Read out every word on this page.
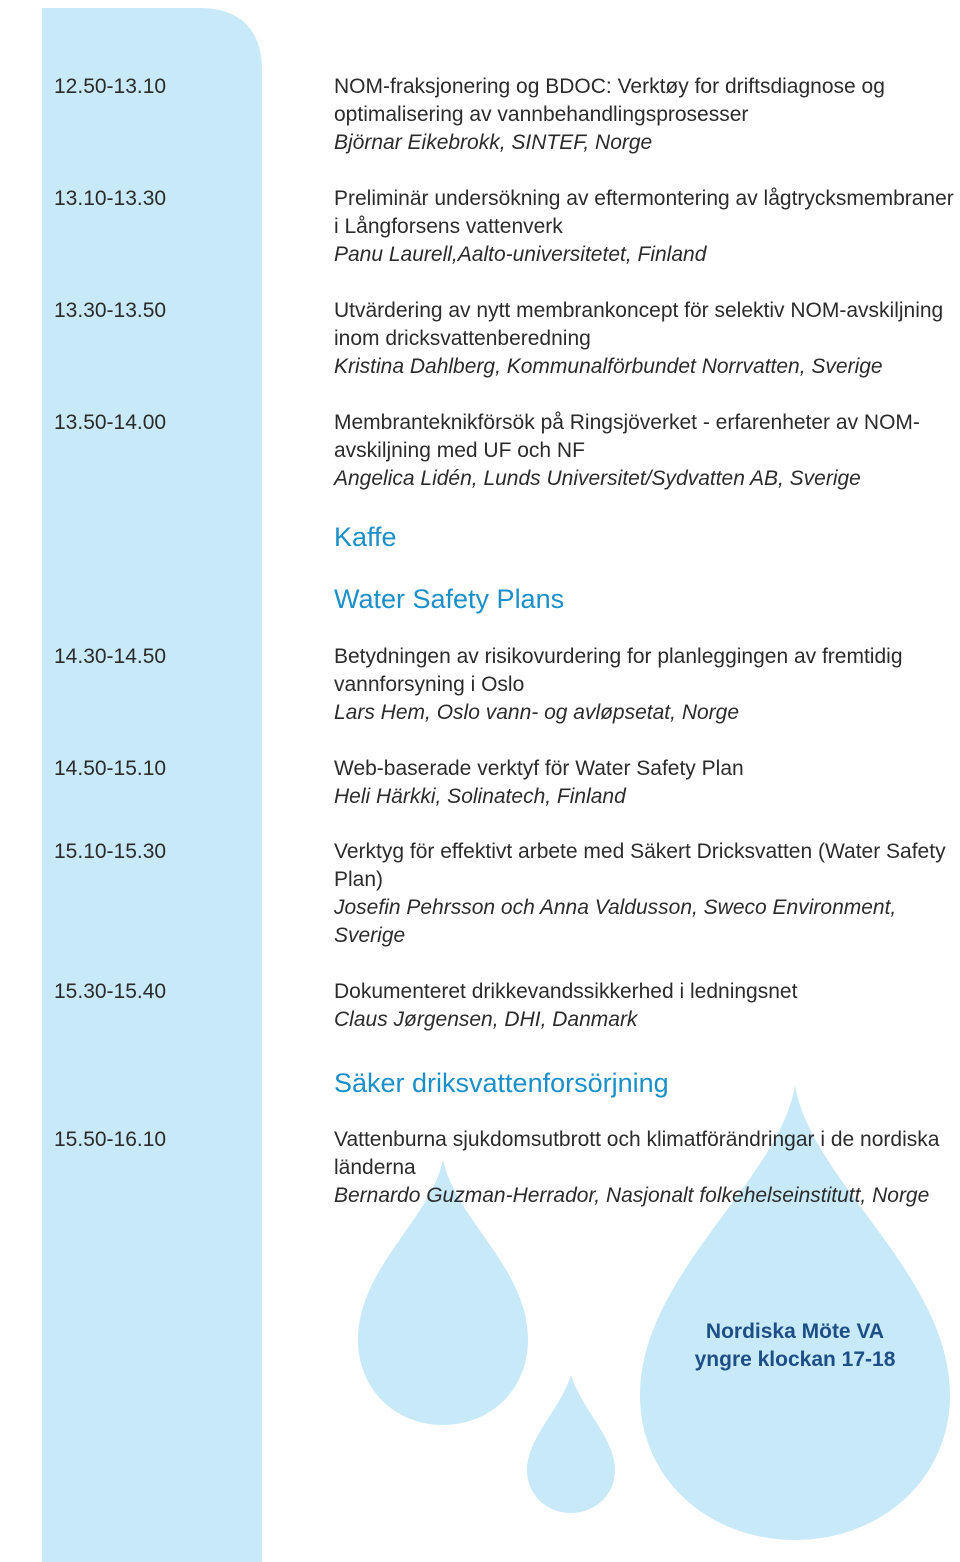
12.50-13.10
13.10-13.30
13.30-13.50
13.50-14.00
14.30-14.50
14.50-15.10
15.10-15.30
15.30-15.40
15.50-16.10
NOM-fraksjonering og BDOC: Verktøy for driftsdiagnose og optimalisering av vannbehandlingsprosesser
Björnar Eikebrokk, SINTEF, Norge
Preliminär undersökning av eftermontering av lågtrycksmembraner i Långforsens vattenverk
Panu Laurell,Aalto-universitetet, Finland
Utvärdering av nytt membrankoncept för selektiv NOM-avskiljning inom dricksvattenberedning
Kristina Dahlberg, Kommunalförbundet Norrvatten, Sverige
Membranteknikförsök på Ringsjöverket - erfarenheter av NOM-avskiljning med UF och NF
Angelica Lidén, Lunds Universitet/Sydvatten AB, Sverige
Kaffe
Water Safety Plans
Betydningen av risikovurdering for planleggingen av fremtidig vannforsyning i Oslo
Lars Hem, Oslo vann- og avløpsetat, Norge
Web-baserade verktyf för Water Safety Plan
Heli Härkki, Solinatech, Finland
Verktyg för effektivt arbete med Säkert Dricksvatten (Water Safety Plan)
Josefin Pehrsson och Anna Valdusson, Sweco Environment, Sverige
Dokumenteret drikkevandssikkerhed i ledningsnet
Claus Jørgensen, DHI, Danmark
Säker driksvattenforsörjning
Vattenburna sjukdomsutbrott och klimatförändringar i de nordiska länderna
Bernardo Guzman-Herrador, Nasjonalt folkehelseinstitutt, Norge
Nordiska Möte VA
yngre klockan 17-18
